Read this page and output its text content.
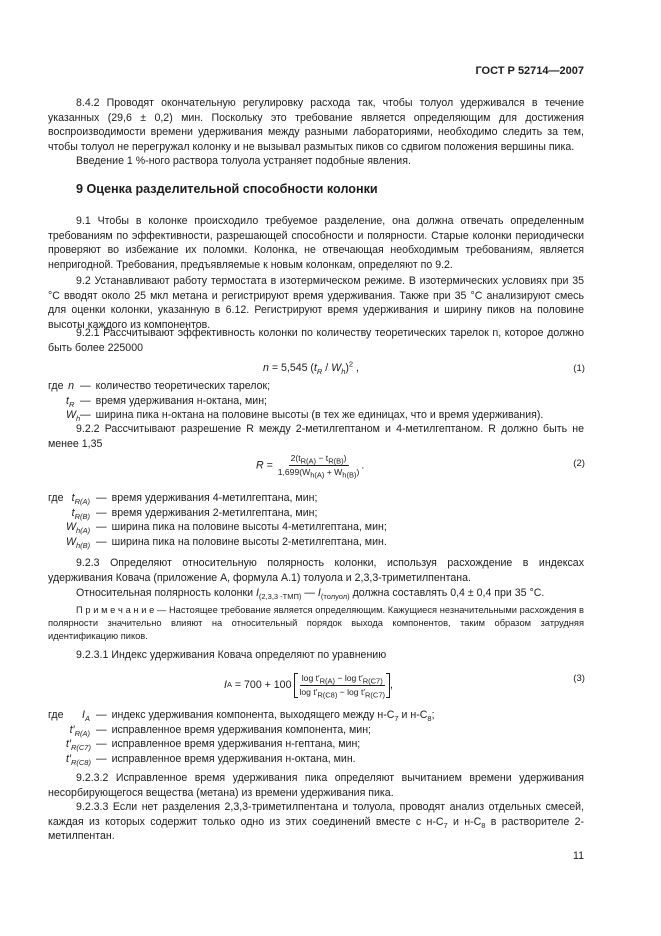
ГОСТ Р 52714—2007

8.4.2 Проводят окончательную регулировку расхода так, чтобы толуол удерживался в течение указанных (29,6 ± 0,2) мин. Поскольку это требование является определяющим для достижения воспроизводимости времени удерживания между разными лабораториями, необходимо следить за тем, чтобы толуол не перегружал колонку и не вызывал размытых пиков со сдвигом положения вершины пика.

Введение 1 %-ного раствора толуола устраняет подобные явления.

9 Оценка разделительной способности колонки

9.1 Чтобы в колонке происходило требуемое разделение, она должна отвечать определенным требованиям по эффективности, разрешающей способности и полярности. Старые колонки периодически проверяют во избежание их поломки. Колонка, не отвечающая необходимым требованиям, является непригодной. Требования, предъявляемые к новым колонкам, определяют по 9.2.

9.2 Устанавливают работу термостата в изотермическом режиме. В изотермических условиях при 35 °С вводят около 25 мкл метана и регистрируют время удерживания. Также при 35 °С анализируют смесь для оценки колонки, указанную в 6.12. Регистрируют время удерживания и ширину пиков на половине высоты каждого из компонентов.

9.2.1 Рассчитывают эффективность колонки по количеству теоретических тарелок n, которое должно быть более 225000

n = 5,545 $(t_R / W_h)^2$ ,	(1)
где n — количество теоретических тарелок;
$t_R$ — время удерживания н-октана, мин;
$W_h$ — ширина пика н-октана на половине высоты (в тех же единицах, что и время удерживания).

9.2.2 Рассчитывают разрешение R между 2-метилгептаном и 4-метилгептаном. R должно быть не менее 1,35

$R = \frac{2(t_{R(A)} - t_{R(B)})}{1,699(W_{h(A)} + W_{h(B)})}$ .	(2)
где $t_{R(A)}$ — время удерживания 4-метилгептана, мин;
$t_{R(B)}$ — время удерживания 2-метилгептана, мин;
$W_{h(A)}$ — ширина пика на половине высоты 4-метилгептана, мин;
$W_{h(B)}$ — ширина пика на половине высоты 2-метилгептана, мин.

9.2.3 Определяют относительную полярность колонки, используя расхождение в индексах удерживания Ковача (приложение А, формула А.1) толуола и 2,3,3-триметилпентана.

Относительная полярность колонки $I_{(2,3,3 -ТМП)}$ — $I_{(толуол)}$ должна составлять 0,4 ± 0,4 при 35 °С.

П р и м е ч а н и е — Настоящее требование является определяющим. Кажущиеся незначительными расхождения в полярности значительно влияют на относительный порядок выхода компонентов, таким образом затрудняя идентификацию пиков.

9.2.3.1 Индекс удерживания Ковача определяют по уравнению

I $A = 700 + 100 \frac{\log t'_{R(A)} - \log t'_{R(C7)}}{\log t'_{R(C8)} - \log t'_{R(C7)}}$ ,
(3)
где	$I_A$ — индекс удерживания компонента, выходящего между $н-C_7$ и $н-C_8$;
$t'_{R(A)}$ — исправленное время удерживания компонента, мин;
$t'_{R(C7)}$ — исправленное время удерживания н-гептана, мин;
$t'_{R(C8)}$ — исправленное время удерживания н-октана, мин.

9.2.3.2 Исправленное время удерживания пика определяют вычитанием времени удерживания несорбирующегося вещества (метана) из времени удерживания пика.

9.2.3.3 Если нет разделения 2,3,3-триметилпентана и толуола, проводят анализ отдельных смесей, каждая из которых содержит только одно из этих соединений вместе с $н-C_7$ и $н-C_8$ в растворителе 2-метилпентан.
11
